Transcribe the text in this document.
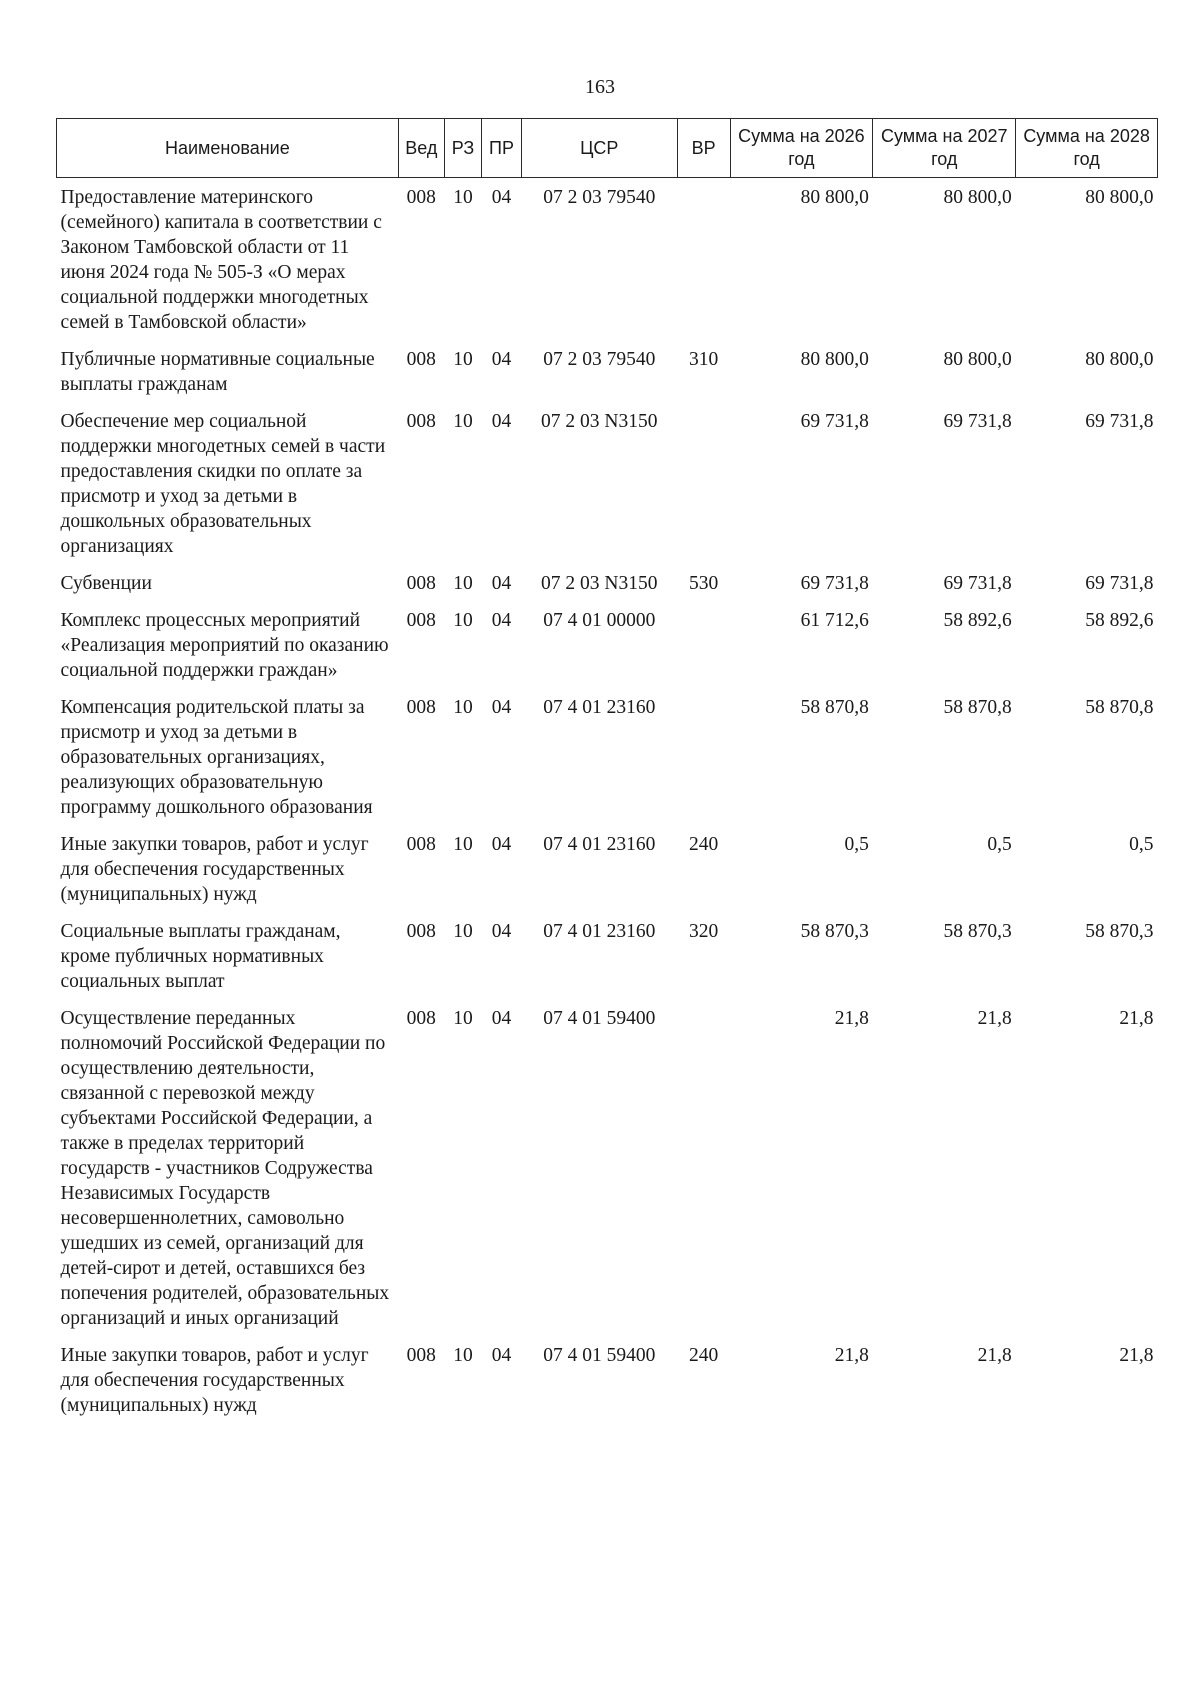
163
Наименование	Вед	РЗ	ПР	ЦСР	ВР	Сумма на 2026 год	Сумма на 2027 год	Сумма на 2028 год
Предоставление материнского (семейного) капитала в соответствии с Законом Тамбовской области от 11 июня 2024 года № 505-З «О мерах социальной поддержки многодетных семей в Тамбовской области»	008	10	04	07 2 03 79540		80 800,0	80 800,0	80 800,0
Публичные нормативные социальные выплаты гражданам	008	10	04	07 2 03 79540	310	80 800,0	80 800,0	80 800,0
Обеспечение мер социальной поддержки многодетных семей в части предоставления скидки по оплате за присмотр и уход за детьми в дошкольных образовательных организациях	008	10	04	07 2 03 N3150		69 731,8	69 731,8	69 731,8
Субвенции	008	10	04	07 2 03 N3150	530	69 731,8	69 731,8	69 731,8
Комплекс процессных мероприятий «Реализация мероприятий по оказанию социальной поддержки граждан»	008	10	04	07 4 01 00000		61 712,6	58 892,6	58 892,6
Компенсация родительской платы за присмотр и уход за детьми в образовательных организациях, реализующих образовательную программу дошкольного образования	008	10	04	07 4 01 23160		58 870,8	58 870,8	58 870,8
Иные закупки товаров, работ и услуг для обеспечения государственных (муниципальных) нужд	008	10	04	07 4 01 23160	240	0,5	0,5	0,5
Социальные выплаты гражданам, кроме публичных нормативных социальных выплат	008	10	04	07 4 01 23160	320	58 870,3	58 870,3	58 870,3
Осуществление переданных полномочий Российской Федерации по осуществлению деятельности, связанной с перевозкой между субъектами Российской Федерации, а также в пределах территорий государств - участников Содружества Независимых Государств несовершеннолетних, самовольно ушедших из семей, организаций для детей-сирот и детей, оставшихся без попечения родителей, образовательных организаций и иных организаций	008	10	04	07 4 01 59400		21,8	21,8	21,8
Иные закупки товаров, работ и услуг для обеспечения государственных (муниципальных) нужд	008	10	04	07 4 01 59400	240	21,8	21,8	21,8
